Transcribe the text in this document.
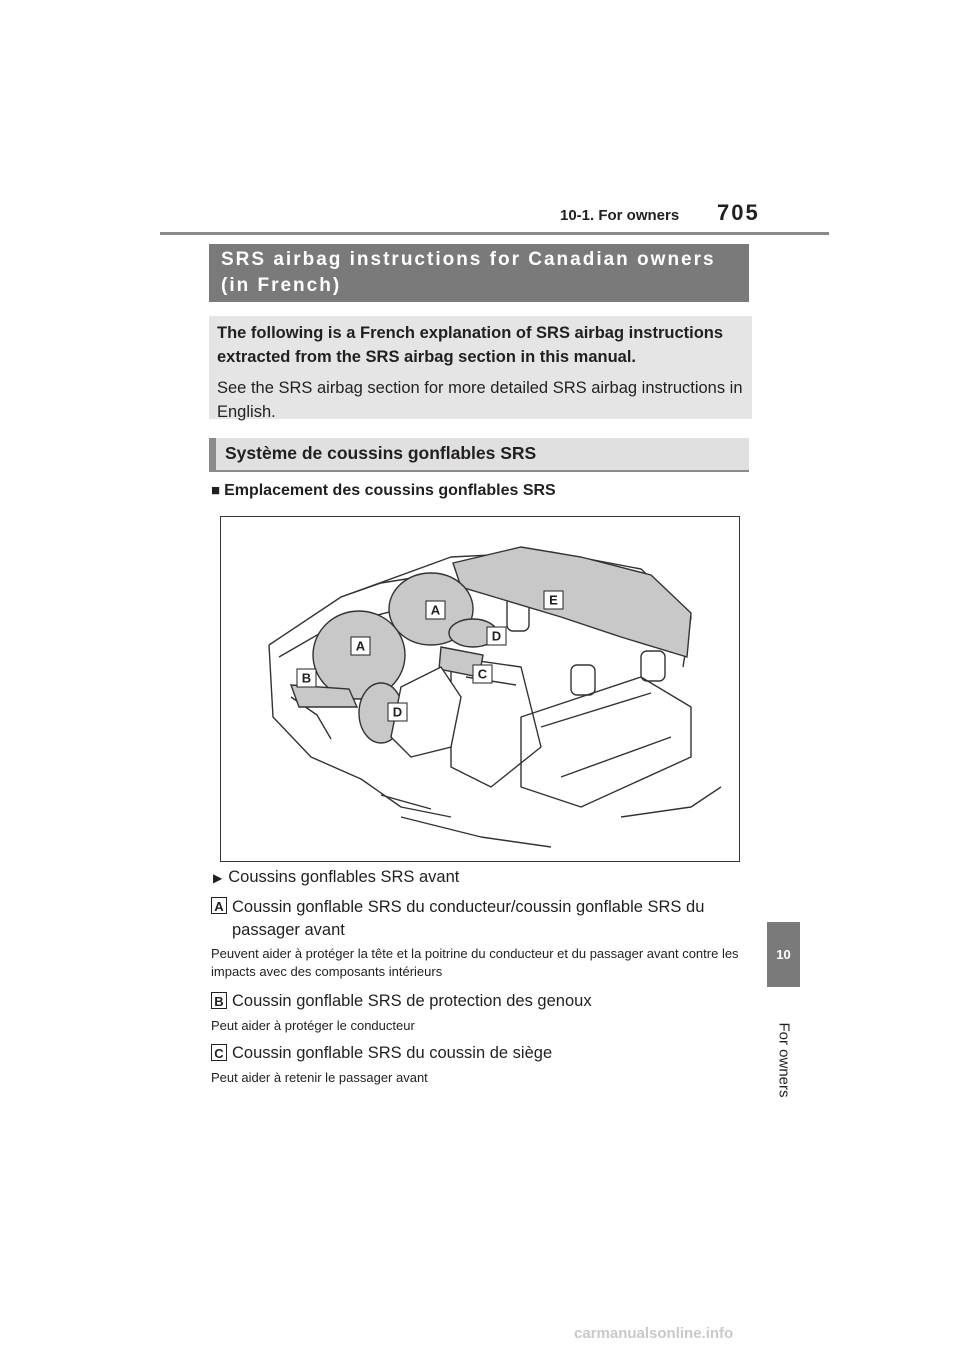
10-1. For owners 705
SRS airbag instructions for Canadian owners (in French)

The following is a French explanation of SRS airbag instructions extracted from the SRS airbag section in this manual.

See the SRS airbag section for more detailed SRS airbag instructions in English.

Système de coussins gonflables SRS
■ Emplacement des coussins gonflables SRS
A
A
B	C
D
D
E
▶ Coussins gonflables SRS avant
A Coussin gonflable SRS du conducteur/coussin gonflable SRS du passager avant
Peuvent aider à protéger la tête et la poitrine du conducteur et du passager avant contre les impacts avec des composants intérieurs
B Coussin gonflable SRS de protection des genoux
Peut aider à protéger le conducteur
C Coussin gonflable SRS du coussin de siège
Peut aider à retenir le passager avant
10
For owners
carmanualsonline.info
